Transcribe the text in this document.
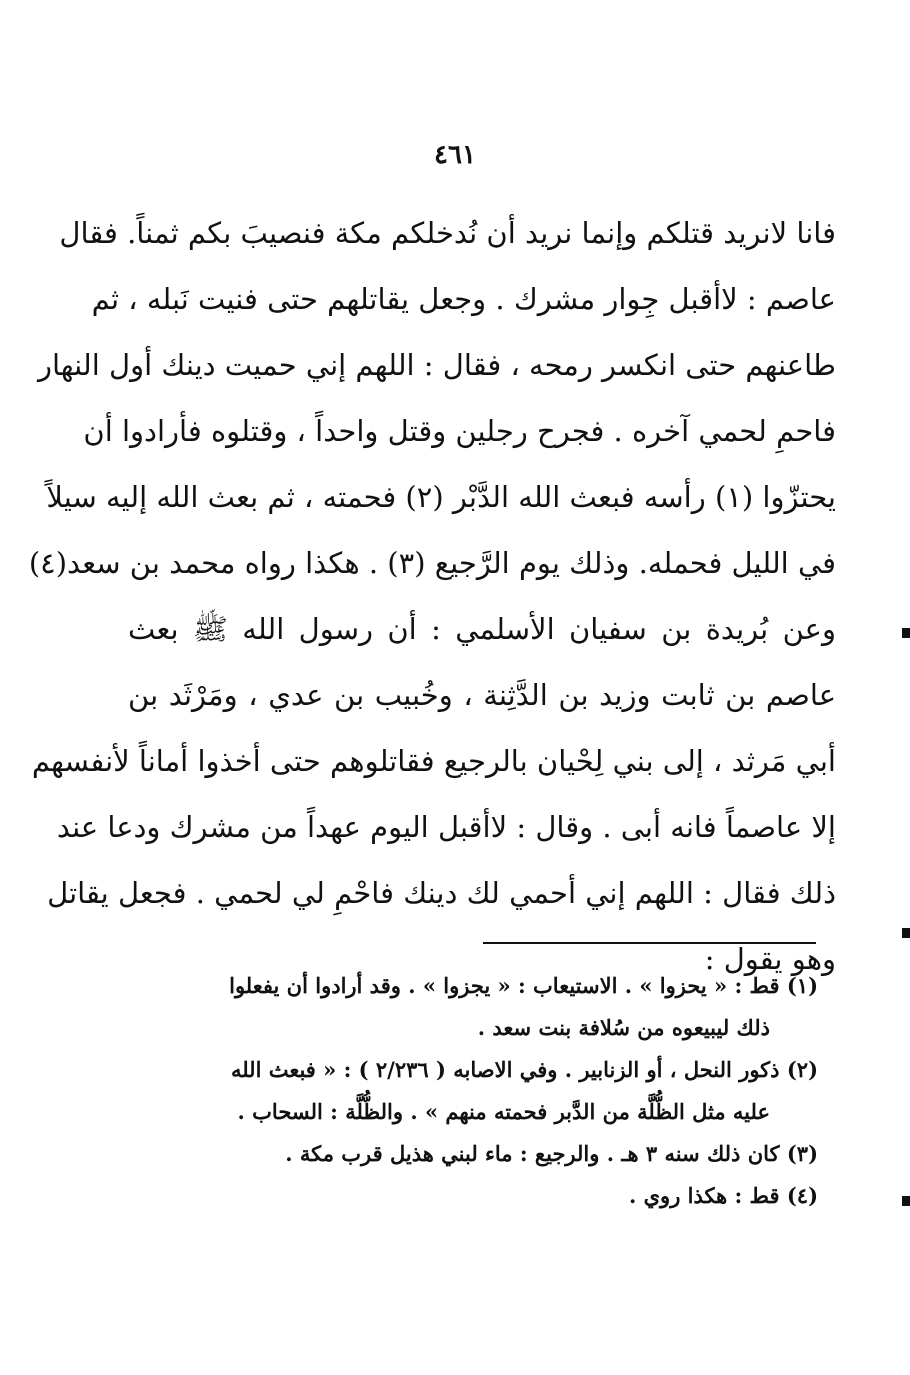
٤٦١
فانا لانريد قتلكم وإنما نريد أن نُدخلكم مكة فنصيبَ بكم ثمناً. فقال
عاصم : لاأقبل جِوار مشرك . وجعل يقاتلهم حتى فنيت نَبله ، ثم
طاعنهم حتى انكسر رمحه ، فقال : اللهم إني حميت دينك أول النهار
فاحمِ لحمي آخره . فجرح رجلين وقتل واحداً ، وقتلوه فأرادوا أن
يحتزّوا (١) رأسه فبعث الله الدَّبْر (٢) فحمته ، ثم بعث الله إليه سيلاً
في الليل فحمله. وذلك يوم الرَّجيع (٣) . هكذا رواه محمد بن سعد(٤)
وعن بُريدة بن سفيان الأسلمي : أن رسول الله ﷺ بعث
عاصم بن ثابت وزيد بن الدَّثِنة ، وخُبيب بن عدي ، ومَرْثَد بن
أبي مَرثد ، إلى بني لِحْيان بالرجيع فقاتلوهم حتى أخذوا أماناً لأنفسهم
إلا عاصماً فانه أبى . وقال : لاأقبل اليوم عهداً من مشرك ودعا عند
ذلك فقال : اللهم إني أحمي لك دينك فاحْمِ لي لحمي . فجعل يقاتل
وهو يقول :
(١) قط : « يحزوا » . الاستيعاب : « يجزوا » . وقد أرادوا أن يفعلوا
ذلك ليبيعوه من سُلافة بنت سعد .
(٢) ذكور النحل ، أو الزنابير . وفي الاصابه ( ٢/٢٣٦ ) : « فبعث الله
عليه مثل الظُّلَّة من الدَّبر فحمته منهم » . والظُّلَّة : السحاب .
(٣) كان ذلك سنه ٣ هـ . والرجيع : ماء لبني هذيل قرب مكة .
(٤) قط : هكذا روي .
